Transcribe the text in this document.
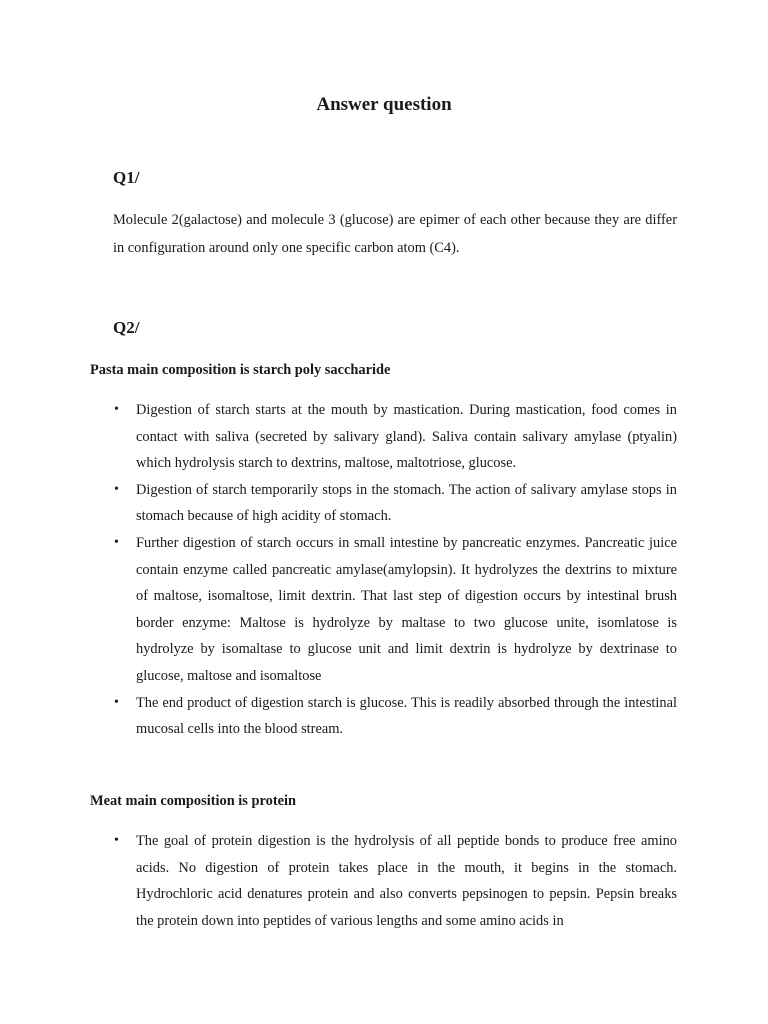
Answer question
Q1/
Molecule 2(galactose) and molecule 3 (glucose) are epimer of each other because they are differ in configuration around only one specific carbon atom (C4).
Q2/
Pasta main composition is starch poly saccharide
• Digestion of starch starts at the mouth by mastication. During mastication, food comes in contact with saliva (secreted by salivary gland). Saliva contain salivary amylase (ptyalin) which hydrolysis starch to dextrins, maltose, maltotriose, glucose.
• Digestion of starch temporarily stops in the stomach. The action of salivary amylase stops in stomach because of high acidity of stomach.
• Further digestion of starch occurs in small intestine by pancreatic enzymes. Pancreatic juice contain enzyme called pancreatic amylase(amylopsin). It hydrolyzes the dextrins to mixture of maltose, isomaltose, limit dextrin. That last step of digestion occurs by intestinal brush border enzyme: Maltose is hydrolyze by maltase to two glucose unite, isomlatose is hydrolyze by isomaltase to glucose unit and limit dextrin is hydrolyze by dextrinase to glucose, maltose and isomaltose
• The end product of digestion starch is glucose. This is readily absorbed through the intestinal mucosal cells into the blood stream.
Meat main composition is protein
• The goal of protein digestion is the hydrolysis of all peptide bonds to produce free amino acids. No digestion of protein takes place in the mouth, it begins in the stomach. Hydrochloric acid denatures protein and also converts pepsinogen to pepsin. Pepsin breaks the protein down into peptides of various lengths and some amino acids in
